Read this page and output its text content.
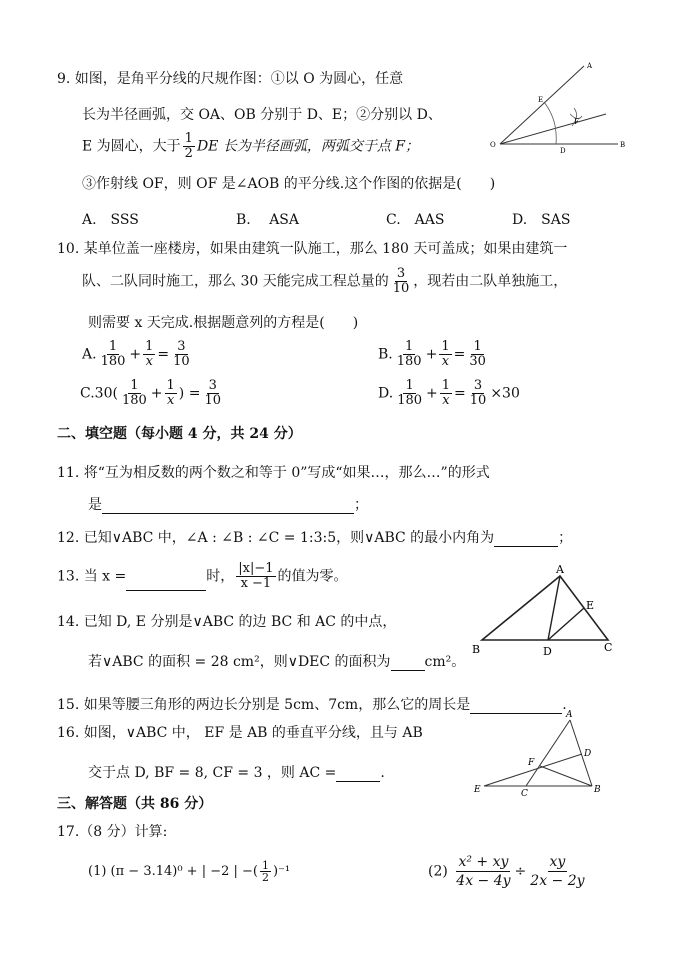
9. 如图，是角平分线的尺规作图：①以 O 为圆心，任意
长为半径画弧，交 OA、OB 分别于 D、E；②分别以 D、
E 为圆心，大于 $\frac{1}{2}$ DE 长为半径画弧，两弧交于点 F；
③作射线 OF，则 OF 是∠AOB 的平分线.这个作图的依据是(　　)
A.　SSS	B.　 ASA	C.　AAS	D.　SAS
A
E
F
O
D
B
10. 某单位盖一座楼房，如果由建筑一队施工，那么 180 天可盖成；如果由建筑一
队、二队同时施工，那么 30 天能完成工程总量的 $\frac{3}{10}$ ，现若由二队单独施工，
则需要 x 天完成.根据题意列的方程是(　　)
A. $\frac{1}{180} + \frac{1}{x} = \frac{3}{10}$	B. $\frac{1}{180} + \frac{1}{x} = \frac{1}{30}$
$C.30( \frac{1}{180} + \frac{1}{x}$ ) = $\frac{3}{10}$	D. $\frac{1}{180} + \frac{1}{x} = \frac{3}{10} \times 30$
二、填空题（每小题 4 分，共 24 分）
11. 将“互为相反数的两个数之和等于 0”写成“如果…，那么…”的形式
是	；
12. 已知∨ABC 中，∠A : ∠B : ∠C = 1:3:5，则∨ABC 的最小内角为	；
13. 当 x =	时， $\frac{|x|-1}{x -1}$ 的值为零。
14. 已知 D, E 分别是∨ABC 的边 BC 和 AC 的中点，
若∨ABC 的面积 = 28 cm²，则∨DEC 的面积为 cm²。
A
E
B	D	C
15. 如果等腰三角形的两边长分别是 5cm、7cm，那么它的周长是	.
16. 如图，∨ABC 中， EF 是 AB 的垂直平分线，且与 AB
交于点 D, BF = 8, CF = 3 ，则 AC =	.
A
D
F
E	C	B
三、解答题（共 86 分）
17.（8 分）计算:
(1) (π − 3.14)⁰ + | −2 | −( $\frac{1}{2} )^{-1}$	$(2) \frac{\text{x² + xy}}{4x - 4y} \div \frac{xy}{2x - 2y}$
